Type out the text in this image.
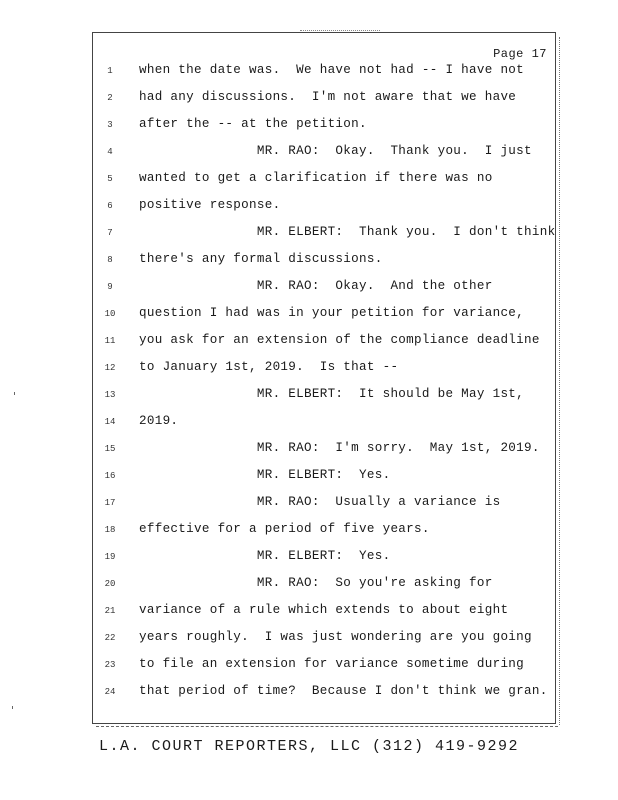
Page 17
1	when the date was.  We have not had -- I have not
2	had any discussions.  I'm not aware that we have
3	after the -- at the petition.
4	MR. RAO:  Okay.  Thank you.  I just
5	wanted to get a clarification if there was no
6	positive response.
7	MR. ELBERT:  Thank you.  I don't think
8	there's any formal discussions.
9	MR. RAO:  Okay.  And the other
10 question I had was in your petition for variance,
11 you ask for an extension of the compliance deadline
12 to January 1st, 2019.  Is that --
13 MR. ELBERT:  It should be May 1st,
14 2019.
15 MR. RAO:  I'm sorry.  May 1st, 2019.
16 MR. ELBERT:  Yes.
17 MR. RAO:  Usually a variance is
18 effective for a period of five years.
19 MR. ELBERT:  Yes.
20 MR. RAO:  So you're asking for
21 variance of a rule which extends to about eight
22 years roughly.  I was just wondering are you going
23 to file an extension for variance sometime during
24 that period of time?  Because I don't think we gran.
L.A. COURT REPORTERS, LLC (312) 419-9292
